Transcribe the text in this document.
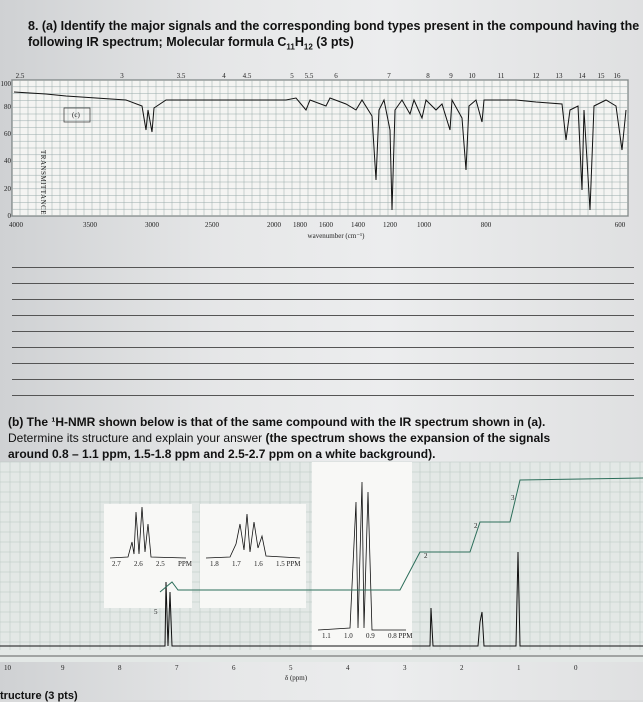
8. (a) Identify the major signals and the corresponding bond types present in the compound having the
following IR spectrum; Molecular formula $C_{11}H_{12}$ (3 pts)
2.5	3	3.5	4 4.5	5 5.5	6	7	8	9 10	11	12 13 14 15 16
4000	3500	3000	2500	2000 1800 1600	1400	1200	1000	800	600
100
80
60
40
20
0
wavenumber (cm⁻¹)
TRANSMITTANCE
(c)
(b) The ¹H-NMR shown below is that of the same compound with the IR spectrum shown in (a).
Determine its structure and explain your answer (the spectrum shows the expansion of the signals
around 0.8 – 1.1 ppm, 1.5-1.8 ppm and 2.5-2.7 ppm on a white background).
2.7 2.6 2.5 PPM	1.8 1.7 1.6 1.5 PPM
1.1 1.0 0.9 0.8 PPM
5
2
2
3
10	9	8	7	6	5	4	3	2	1	0
δ (ppm)
tructure (3 pts)
